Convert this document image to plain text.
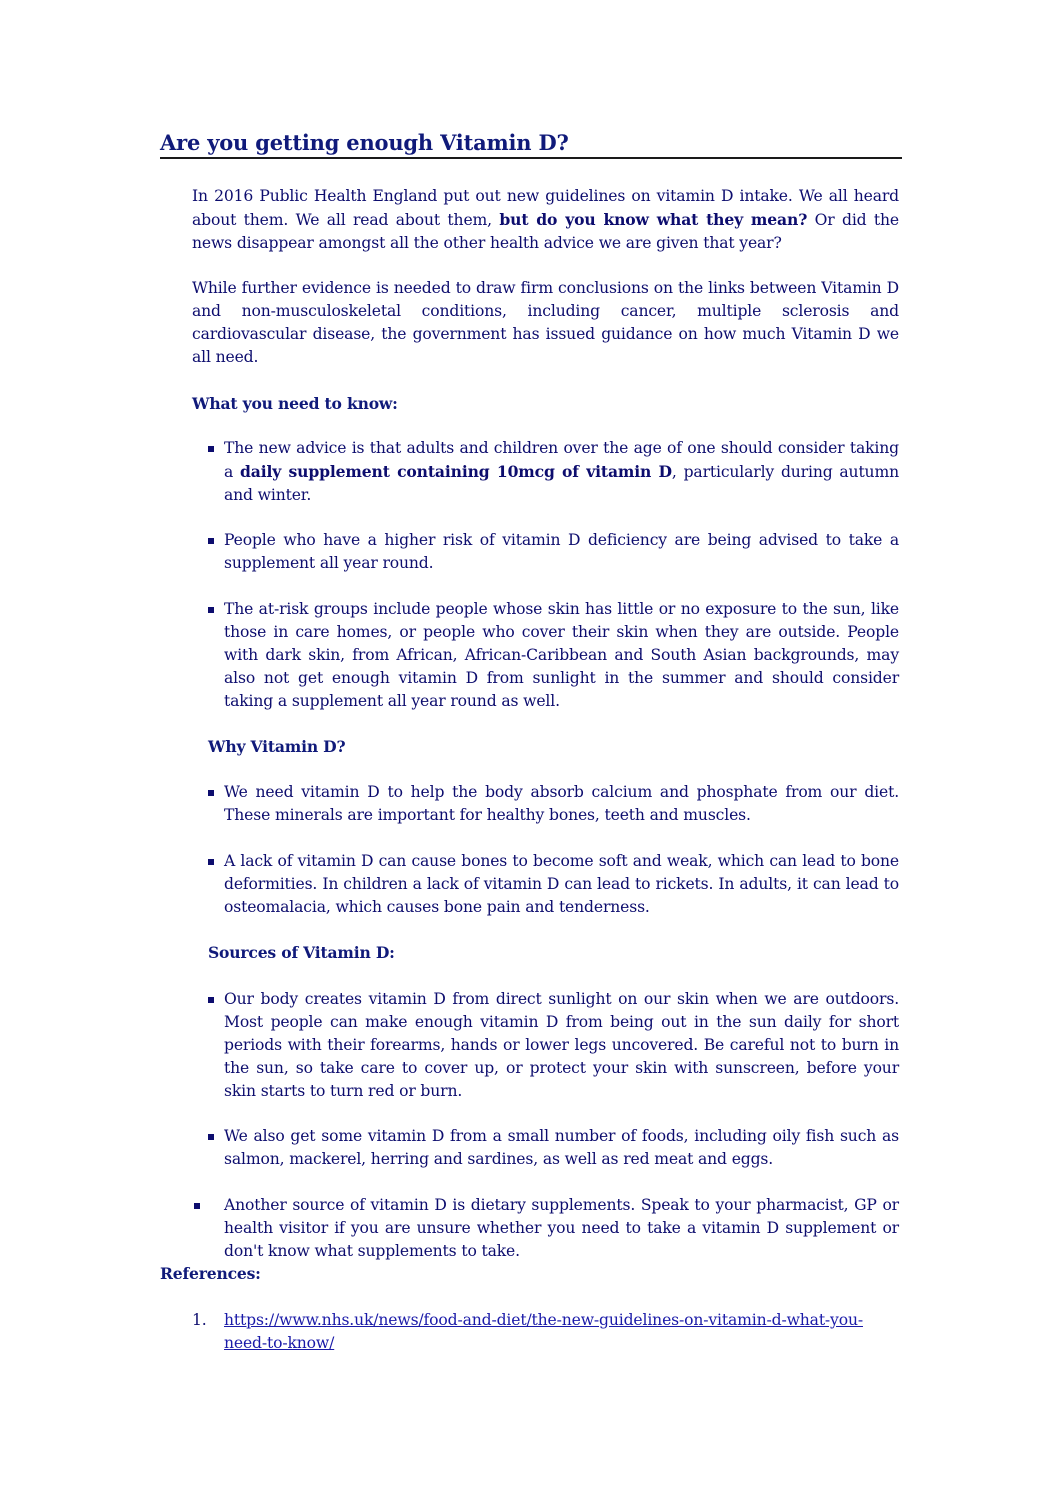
Are you getting enough Vitamin D?

In 2016 Public Health England put out new guidelines on vitamin D intake. We all heard about them. We all read about them, but do you know what they mean? Or did the news disappear amongst all the other health advice we are given that year?

While further evidence is needed to draw firm conclusions on the links between Vitamin D and non-musculoskeletal conditions, including cancer, multiple sclerosis and cardiovascular disease, the government has issued guidance on how much Vitamin D we all need.

What you need to know:

The new advice is that adults and children over the age of one should consider taking a daily supplement containing 10mcg of vitamin D, particularly during autumn and winter.
People who have a higher risk of vitamin D deficiency are being advised to take a supplement all year round.
The at-risk groups include people whose skin has little or no exposure to the sun, like those in care homes, or people who cover their skin when they are outside. People with dark skin, from African, African-Caribbean and South Asian backgrounds, may also not get enough vitamin D from sunlight in the summer and should consider taking a supplement all year round as well.

Why Vitamin D?

We need vitamin D to help the body absorb calcium and phosphate from our diet. These minerals are important for healthy bones, teeth and muscles.
A lack of vitamin D can cause bones to become soft and weak, which can lead to bone deformities. In children a lack of vitamin D can lead to rickets. In adults, it can lead to osteomalacia, which causes bone pain and tenderness.

Sources of Vitamin D:

Our body creates vitamin D from direct sunlight on our skin when we are outdoors. Most people can make enough vitamin D from being out in the sun daily for short periods with their forearms, hands or lower legs uncovered. Be careful not to burn in the sun, so take care to cover up, or protect your skin with sunscreen, before your skin starts to turn red or burn.
We also get some vitamin D from a small number of foods, including oily fish such as salmon, mackerel, herring and sardines, as well as red meat and eggs.
Another source of vitamin D is dietary supplements. Speak to your pharmacist, GP or health visitor if you are unsure whether you need to take a vitamin D supplement or don't know what supplements to take.

References:

1. https://www.nhs.uk/news/food-and-diet/the-new-guidelines-on-vitamin-d-what-you-need-to-know/
